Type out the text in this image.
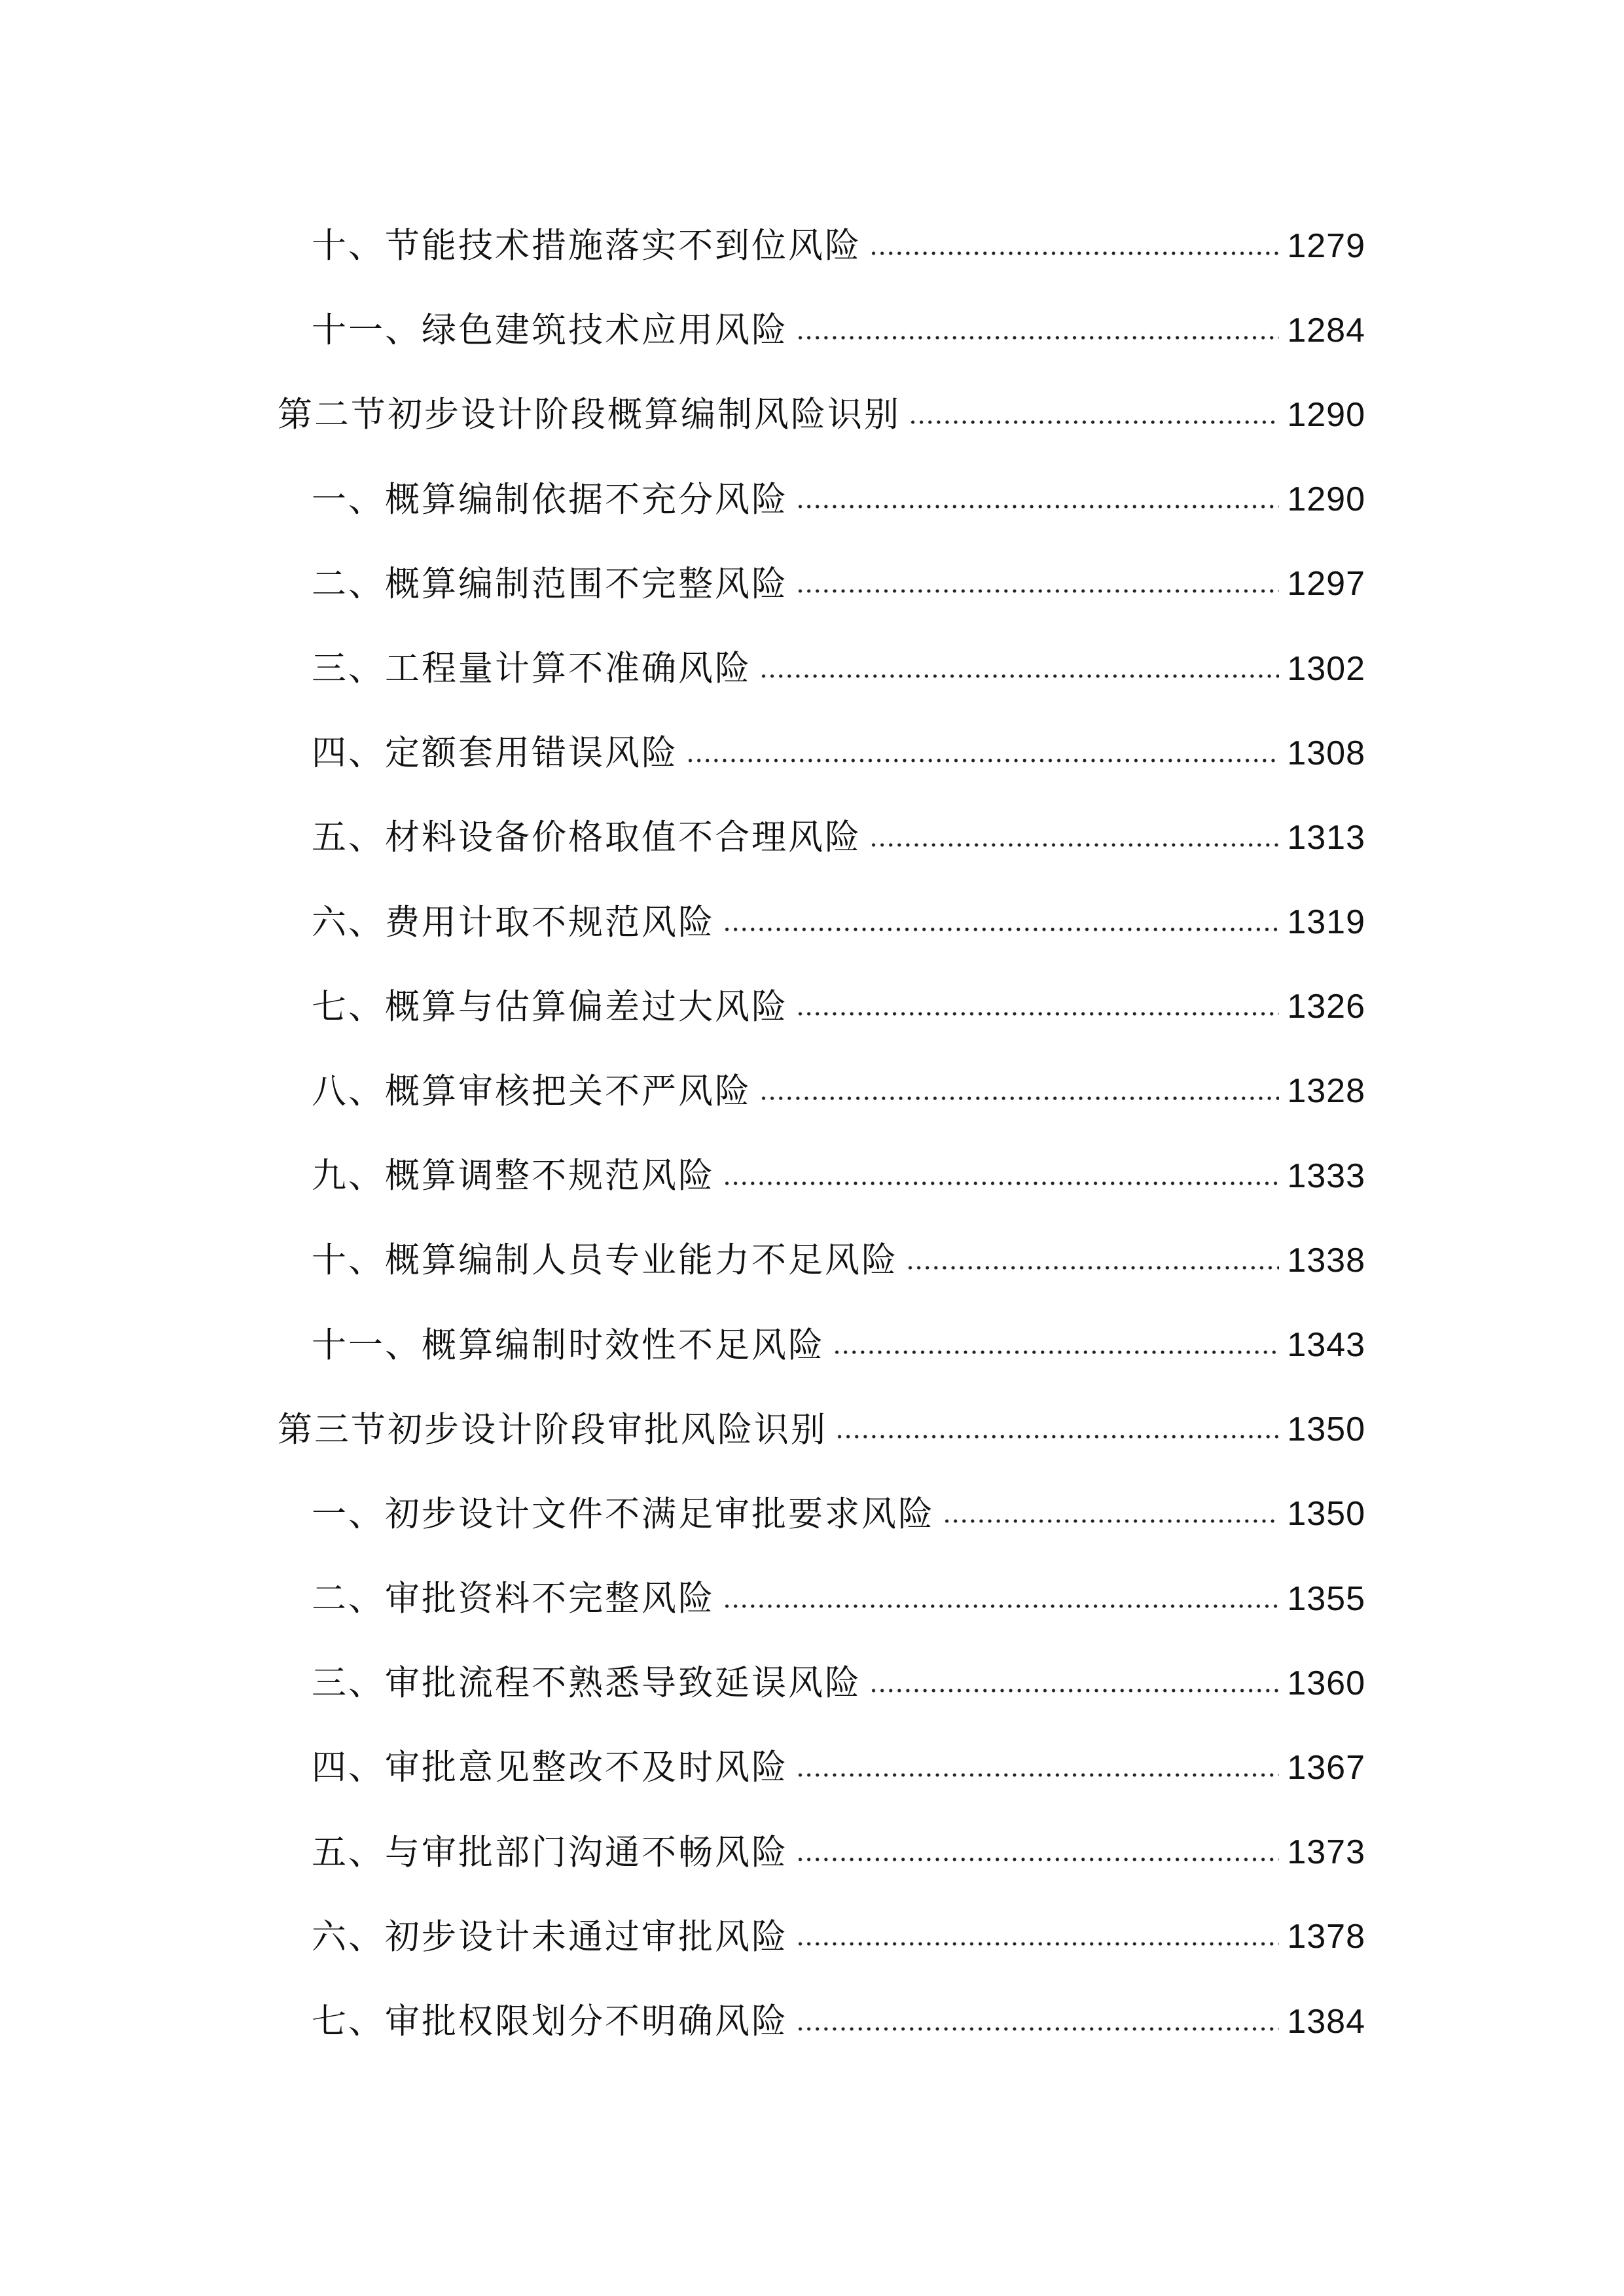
十、节能技术措施落实不到位风险	1279
十一、绿色建筑技术应用风险	1284
第二节初步设计阶段概算编制风险识别	1290
一、概算编制依据不充分风险	1290
二、概算编制范围不完整风险	1297
三、工程量计算不准确风险	1302
四、定额套用错误风险	1308
五、材料设备价格取值不合理风险	1313
六、费用计取不规范风险	1319
七、概算与估算偏差过大风险	1326
八、概算审核把关不严风险	1328
九、概算调整不规范风险	1333
十、概算编制人员专业能力不足风险	1338
十一、概算编制时效性不足风险	1343
第三节初步设计阶段审批风险识别	1350
一、初步设计文件不满足审批要求风险	1350
二、审批资料不完整风险	1355
三、审批流程不熟悉导致延误风险	1360
四、审批意见整改不及时风险	1367
五、与审批部门沟通不畅风险	1373
六、初步设计未通过审批风险	1378
七、审批权限划分不明确风险	1384
